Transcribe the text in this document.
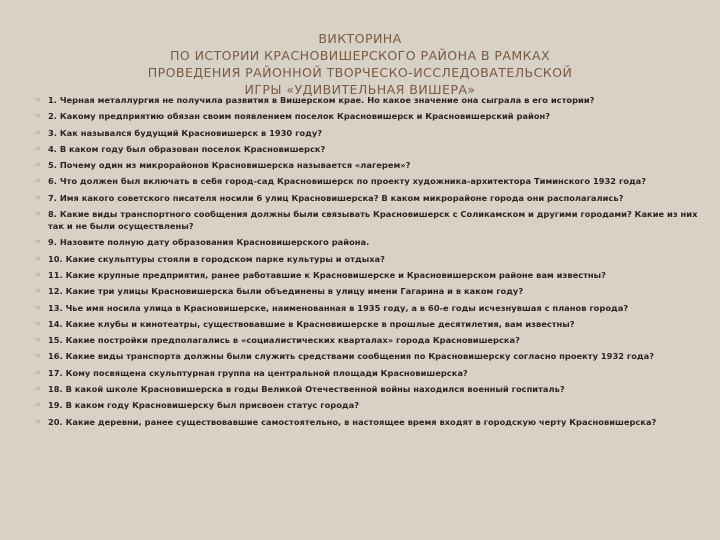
ВИКТОРИНА
ПО ИСТОРИИ КРАСНОВИШЕРСКОГО РАЙОНА В РАМКАХ
ПРОВЕДЕНИЯ РАЙОННОЙ ТВОРЧЕСКО-ИССЛЕДОВАТЕЛЬСКОЙ
ИГРЫ «УДИВИТЕЛЬНАЯ ВИШЕРА»
▫ 1. Черная металлургия не получила развития в Вишерском крае. Но какое значение она сыграла в его истории?
▫ 2. Какому предприятию обязан своим появлением поселок Красновишерск и Красновишерский район?
▫ 3. Как назывался будущий Красновишерск в 1930 году?
▫ 4. В каком году был образован поселок Красновишерск?
▫ 5. Почему один из микрорайонов Красновишерска называется «лагерем»?
▫ 6. Что должен был включать в себя город-сад Красновишерск по проекту художника-архитектора Тиминского 1932 года?
▫ 7. Имя какого советского писателя носили 6 улиц Красновишерска? В каком микрорайоне города они располагались?
▫ 8. Какие виды транспортного сообщения должны были связывать Красновишерск с Соликамском и другими городами? Какие из них так и не были осуществлены?
▫ 9. Назовите полную дату образования Красновишерского района.
▫ 10. Какие скульптуры стояли в городском парке культуры и отдыха?
▫ 11. Какие крупные предприятия, ранее работавшие к Красновишерске и Красновишерском районе вам известны?
▫ 12. Какие три улицы Красновишерска были объединены в улицу имени Гагарина и в каком году?
▫ 13. Чье имя носила улица в Красновишерске, наименованная в 1935 году, а в 60-е годы исчезнувшая с планов города?
▫ 14. Какие клубы и кинотеатры, существовавшие в Красновишерске в прошлые десятилетия, вам известны?
▫ 15. Какие постройки предполагались в «социалистических кварталах» города Красновишерска?
▫ 16. Какие виды транспорта должны были служить средствами сообщения по Красновишерску согласно проекту 1932 года?
▫ 17. Кому посвящена скульптурная группа на центральной площади Красновишерска?
▫ 18. В какой школе Красновишерска в годы Великой Отечественной войны находился военный госпиталь?
▫ 19. В каком году Красновишерску был присвоен статус города?
▫ 20. Какие деревни, ранее существовавшие самостоятельно, в настоящее время входят в городскую черту Красновишерска?
